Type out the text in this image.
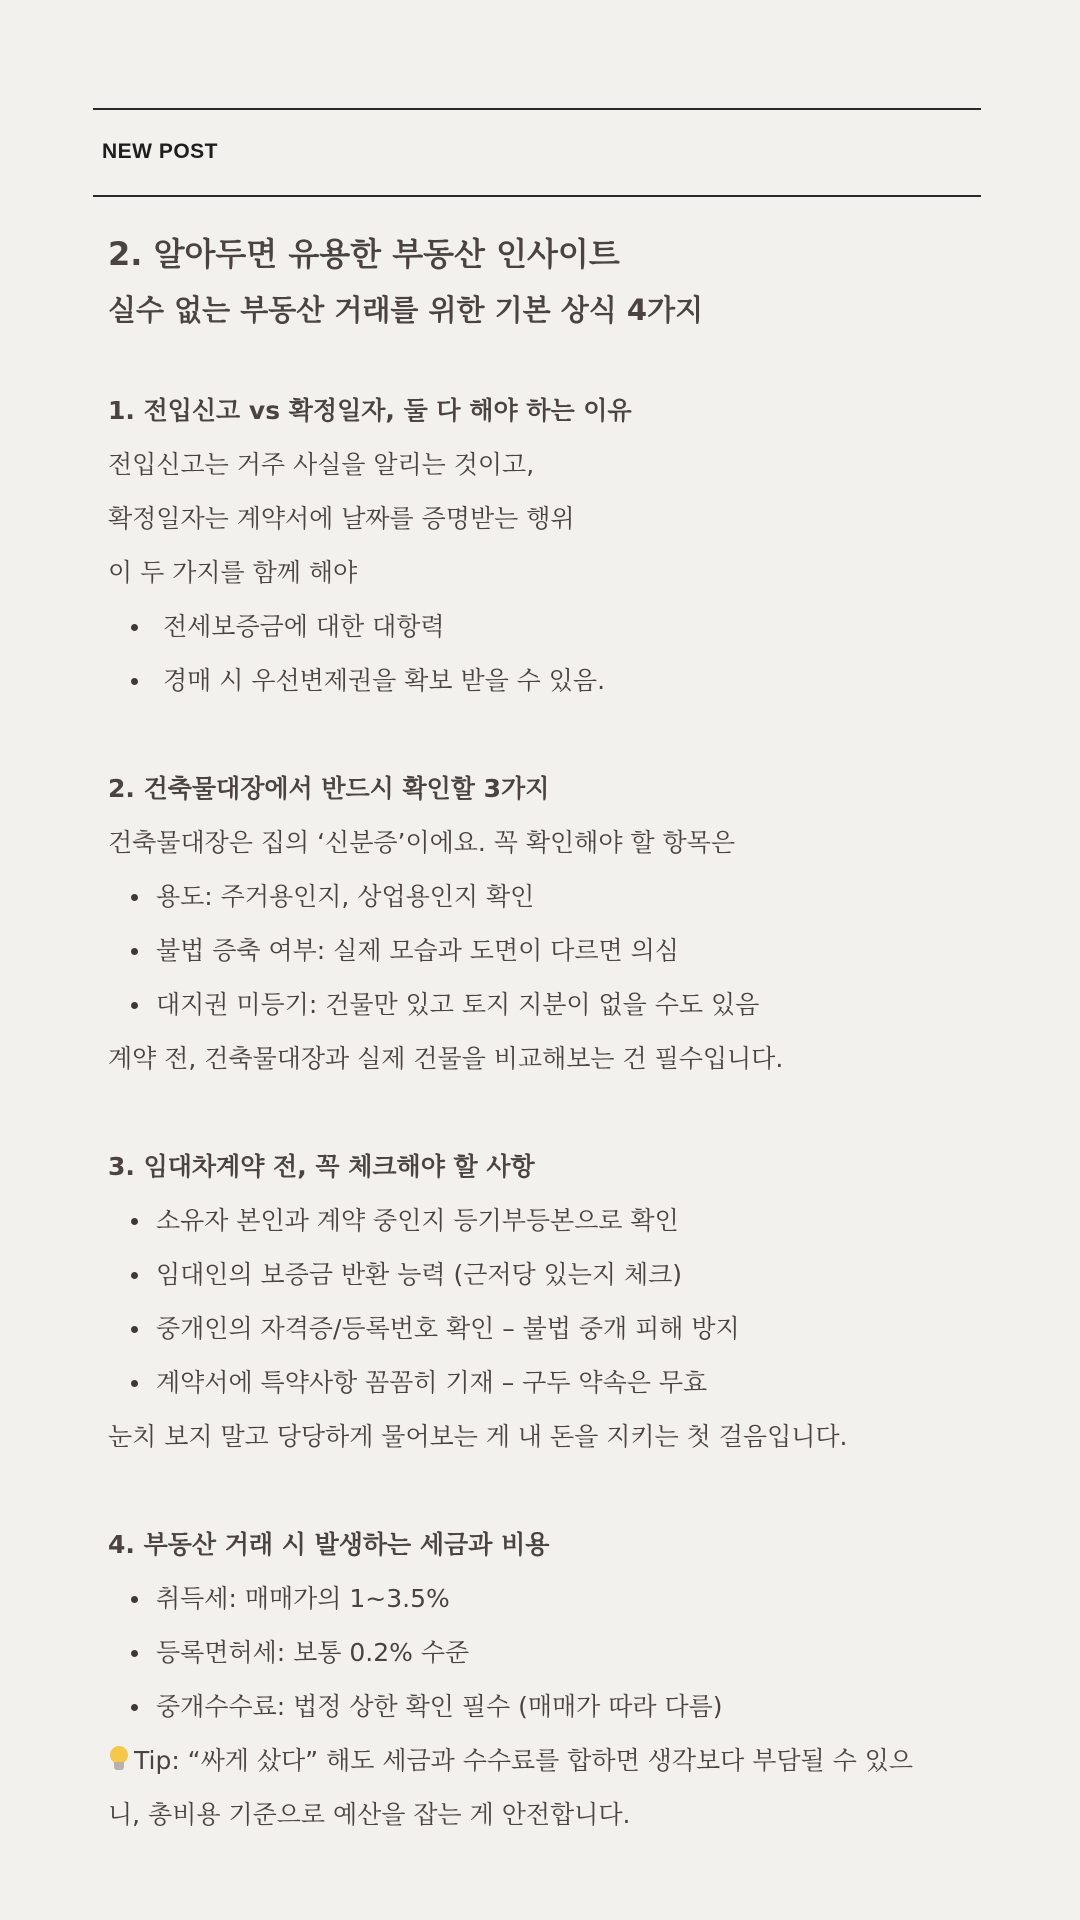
NEW POST
2. 알아두면 유용한 부동산 인사이트
실수 없는 부동산 거래를 위한 기본 상식 4가지

1. 전입신고 vs 확정일자, 둘 다 해야 하는 이유

전입신고는 거주 사실을 알리는 것이고,

확정일자는 계약서에 날짜를 증명받는 행위

이 두 가지를 함께 해야

전세보증금에 대한 대항력
경매 시 우선변제권을 확보 받을 수 있음.

2. 건축물대장에서 반드시 확인할 3가지

건축물대장은 집의 ‘신분증’이에요. 꼭 확인해야 할 항목은

용도: 주거용인지, 상업용인지 확인
불법 증축 여부: 실제 모습과 도면이 다르면 의심
대지권 미등기: 건물만 있고 토지 지분이 없을 수도 있음

계약 전, 건축물대장과 실제 건물을 비교해보는 건 필수입니다.

3. 임대차계약 전, 꼭 체크해야 할 사항

소유자 본인과 계약 중인지 등기부등본으로 확인
임대인의 보증금 반환 능력 (근저당 있는지 체크)
중개인의 자격증/등록번호 확인 – 불법 중개 피해 방지
계약서에 특약사항 꼼꼼히 기재 – 구두 약속은 무효

눈치 보지 말고 당당하게 물어보는 게 내 돈을 지키는 첫 걸음입니다.

4. 부동산 거래 시 발생하는 세금과 비용

취득세: 매매가의 1~3.5%
등록면허세: 보통 0.2% 수준
중개수수료: 법정 상한 확인 필수 (매매가 따라 다름)

Tip: “싸게 샀다” 해도 세금과 수수료를 합하면 생각보다 부담될 수 있으

니, 총비용 기준으로 예산을 잡는 게 안전합니다.
